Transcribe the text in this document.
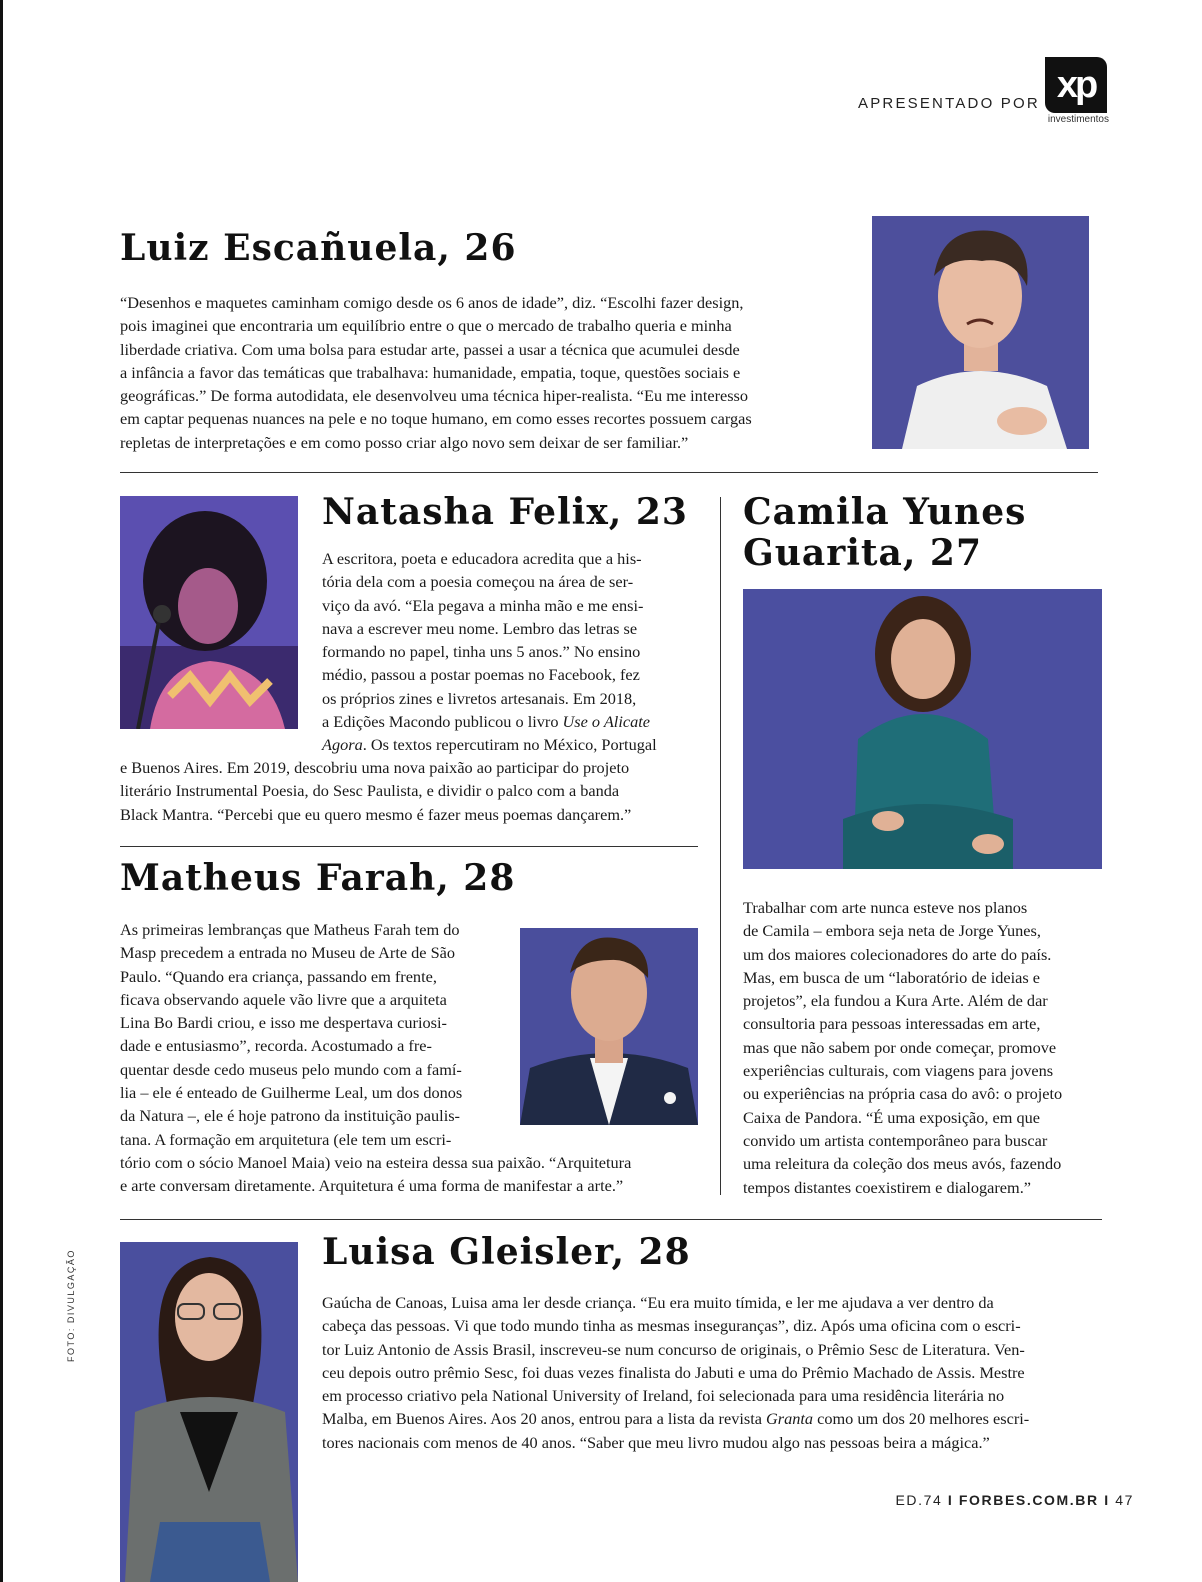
APRESENTADO POR xp
investimentos
Luiz Escañuela, 26
“Desenhos e maquetes caminham comigo desde os 6 anos de idade”, diz. “Escolhi fazer design,
pois imaginei que encontraria um equilíbrio entre o que o mercado de trabalho queria e minha
liberdade criativa. Com uma bolsa para estudar arte, passei a usar a técnica que acumulei desde
a infância a favor das temáticas que trabalhava: humanidade, empatia, toque, questões sociais e
geográficas.” De forma autodidata, ele desenvolveu uma técnica hiper-realista. “Eu me interesso
em captar pequenas nuances na pele e no toque humano, em como esses recortes possuem cargas
repletas de interpretações e em como posso criar algo novo sem deixar de ser familiar.”
Natasha Felix, 23
A escritora, poeta e educadora acredita que a his-
tória dela com a poesia começou na área de ser-
viço da avó. “Ela pegava a minha mão e me ensi-
nava a escrever meu nome. Lembro das letras se
formando no papel, tinha uns 5 anos.” No ensino
médio, passou a postar poemas no Facebook, fez
os próprios zines e livretos artesanais. Em 2018,
a Edições Macondo publicou o livro Use o Alicate
Agora. Os textos repercutiram no México, Portugal
e Buenos Aires. Em 2019, descobriu uma nova paixão ao participar do projeto
literário Instrumental Poesia, do Sesc Paulista, e dividir o palco com a banda
Black Mantra. “Percebi que eu quero mesmo é fazer meus poemas dançarem.”
Camila Yunes
Guarita, 27
Trabalhar com arte nunca esteve nos planos
de Camila – embora seja neta de Jorge Yunes,
um dos maiores colecionadores do arte do país.
Mas, em busca de um “laboratório de ideias e
projetos”, ela fundou a Kura Arte. Além de dar
consultoria para pessoas interessadas em arte,
mas que não sabem por onde começar, promove
experiências culturais, com viagens para jovens
ou experiências na própria casa do avô: o projeto
Caixa de Pandora. “É uma exposição, em que
convido um artista contemporâneo para buscar
uma releitura da coleção dos meus avós, fazendo
tempos distantes coexistirem e dialogarem.”
Matheus Farah, 28
As primeiras lembranças que Matheus Farah tem do
Masp precedem a entrada no Museu de Arte de São
Paulo. “Quando era criança, passando em frente,
ficava observando aquele vão livre que a arquiteta
Lina Bo Bardi criou, e isso me despertava curiosi-
dade e entusiasmo”, recorda. Acostumado a fre-
quentar desde cedo museus pelo mundo com a famí-
lia – ele é enteado de Guilherme Leal, um dos donos
da Natura –, ele é hoje patrono da instituição paulis-
tana. A formação em arquitetura (ele tem um escri-
tório com o sócio Manoel Maia) veio na esteira dessa sua paixão. “Arquitetura
e arte conversam diretamente. Arquitetura é uma forma de manifestar a arte.”
Luisa Gleisler, 28
Gaúcha de Canoas, Luisa ama ler desde criança. “Eu era muito tímida, e ler me ajudava a ver dentro da
cabeça das pessoas. Vi que todo mundo tinha as mesmas inseguranças”, diz. Após uma oficina com o escri-
tor Luiz Antonio de Assis Brasil, inscreveu-se num concurso de originais, o Prêmio Sesc de Literatura. Ven-
ceu depois outro prêmio Sesc, foi duas vezes finalista do Jabuti e uma do Prêmio Machado de Assis. Mestre
em processo criativo pela National University of Ireland, foi selecionada para uma residência literária no
Malba, em Buenos Aires. Aos 20 anos, entrou para a lista da revista Granta como um dos 20 melhores escri-
tores nacionais com menos de 40 anos. “Saber que meu livro mudou algo nas pessoas beira a mágica.”
FOTO: DIVULGAÇÃO
ED.74 I FORBES.COM.BR I 47
